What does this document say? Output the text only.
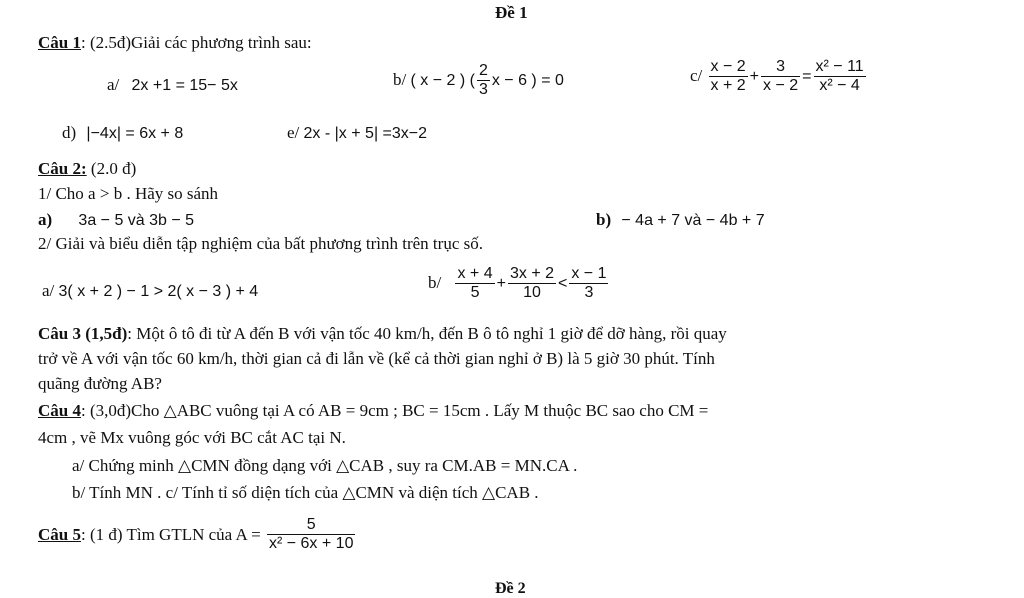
Đề 1
Câu 1: (2.5đ)Giải các phương trình sau:
a/ 2x +1 = 15− 5x	b/ ( x − 2 ) ( $\frac{2}{3}$ x − 6 ) = 0	$c/ \frac{x - 2}{x + 2} + \frac{3}{x - 2} = \frac{\text{x² − 11}}{\text{x² − 4}}$
d) |−4x| = 6x + 8	e/ 2x - |x + 5| =3x−2
Câu 2: (2.0 đ)
1/ Cho a > b . Hãy so sánh
a) 3a − 5 và 3b − 5	b) − 4a + 7 và − 4b + 7
2/ Giải và biểu diễn tập nghiệm của bất phương trình trên trục số.
a/ 3( x + 2 ) − 1 > 2( x − 3 ) + 4	$b/ \frac{x + 4}{5} + \frac{3x + 2}{10} < \frac{x - 1}{3}$
Câu 3 (1,5đ): Một ô tô đi từ A đến B với vận tốc 40 km/h, đến B ô tô nghỉ 1 giờ để dỡ hàng, rồi quay
trở về A với vận tốc 60 km/h, thời gian cả đi lẫn về (kể cả thời gian nghỉ ở B) là 5 giờ 30 phút. Tính
quãng đường AB?
Câu 4: (3,0đ)Cho △ABC vuông tại A có AB = 9cm ; BC = 15cm . Lấy M thuộc BC sao cho CM =
4cm , vẽ Mx vuông góc với BC cắt AC tại N.
a/ Chứng minh △CMN đồng dạng với △CAB , suy ra CM.AB = MN.CA .
b/ Tính MN . c/ Tính tỉ số diện tích của △CMN và diện tích △CAB .
Câu 5: (1 đ) Tìm GTLN của $A = \frac{5}{\text{x² − 6x + 10}}$
Đề 2
